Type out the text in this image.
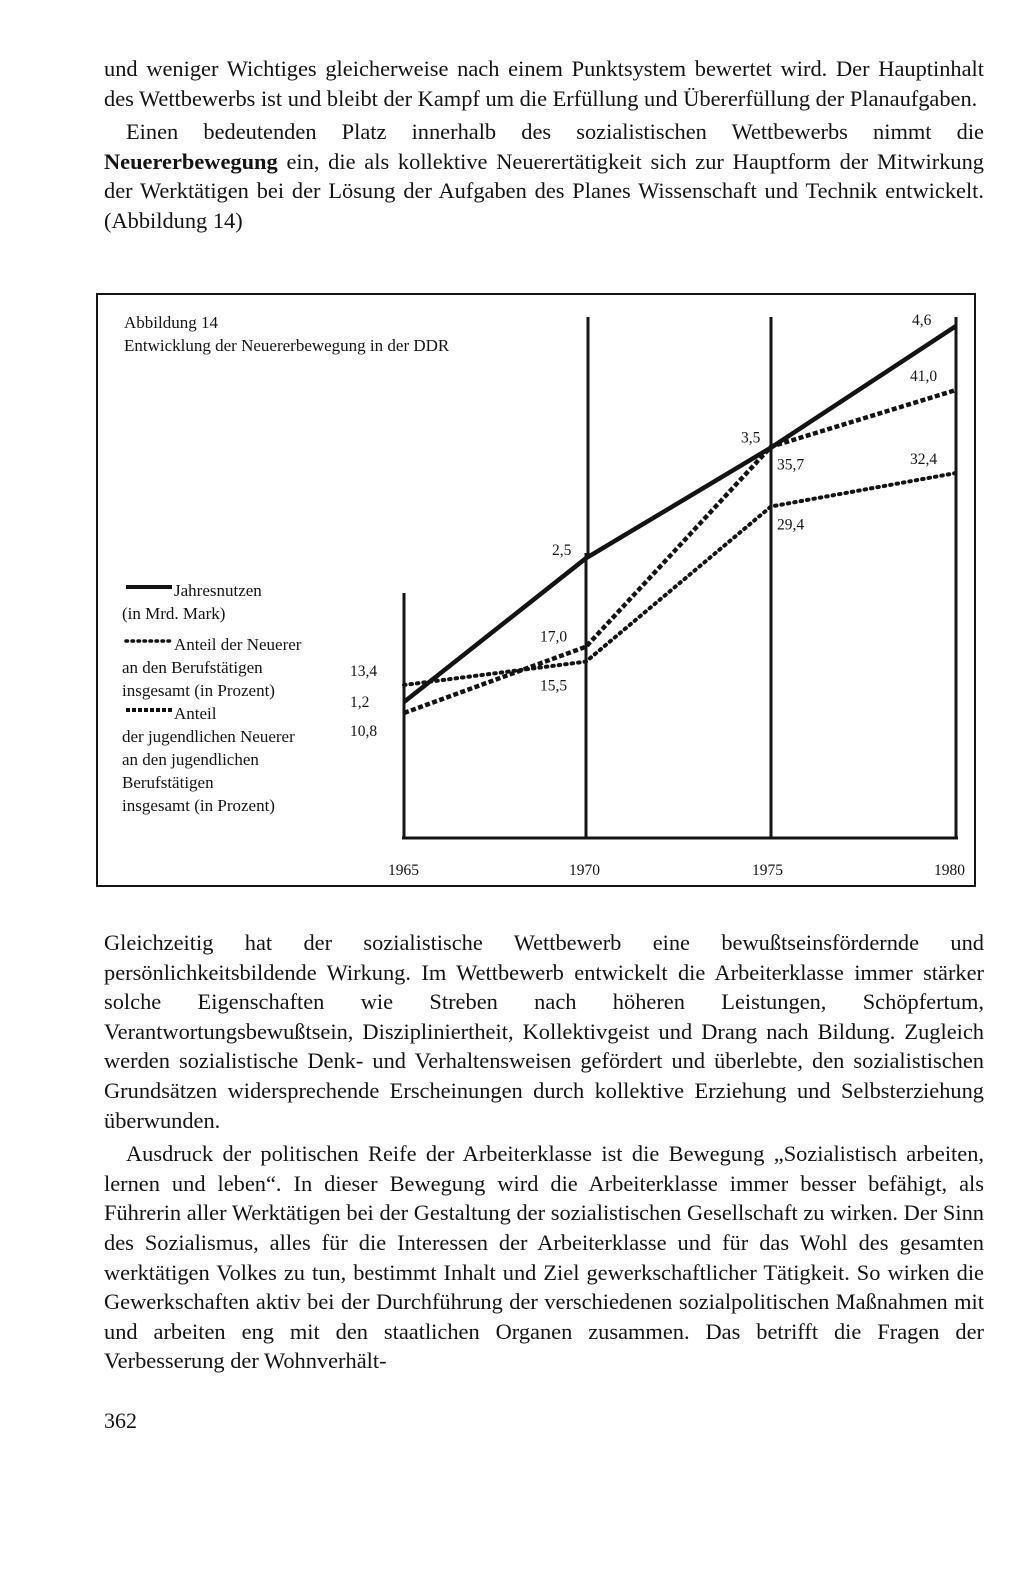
und weniger Wichtiges gleicherweise nach einem Punktsystem bewertet wird. Der Hauptinhalt des Wettbewerbs ist und bleibt der Kampf um die Erfüllung und Übererfüllung der Planaufgaben.

Einen bedeutenden Platz innerhalb des sozialistischen Wettbewerbs nimmt die Neuererbewegung ein, die als kollektive Neuerertätigkeit sich zur Hauptform der Mitwirkung der Werktätigen bei der Lösung der Aufgaben des Planes Wissenschaft und Technik entwickelt. (Abbildung 14)

1965	1970	1975	1980
1,2
2,5
3,5
4,6
13,4
15,5
29,4
32,4
10,8
17,0
35,7
41,0
Abbildung 14
Entwicklung der Neuererbewegung in der DDR
Jahresnutzen
(in Mrd. Mark)
Anteil der Neuerer
an den Berufstätigen
insgesamt (in Prozent)
Anteil
der jugendlichen Neuerer
an den jugendlichen
Berufstätigen
insgesamt (in Prozent)

Gleichzeitig hat der sozialistische Wettbewerb eine bewußtseinsfördernde und persönlichkeitsbildende Wirkung. Im Wettbewerb entwickelt die Arbeiterklasse immer stärker solche Eigenschaften wie Streben nach höheren Leistungen, Schöpfertum, Verantwortungsbewußtsein, Diszipliniertheit, Kollektivgeist und Drang nach Bildung. Zugleich werden sozialistische Denk- und Verhaltensweisen gefördert und überlebte, den sozialistischen Grundsätzen widersprechende Erscheinungen durch kollektive Erziehung und Selbsterziehung überwunden.

Ausdruck der politischen Reife der Arbeiterklasse ist die Bewegung „Sozialistisch arbeiten, lernen und leben“. In dieser Bewegung wird die Arbeiterklasse immer besser befähigt, als Führerin aller Werktätigen bei der Gestaltung der sozialistischen Gesellschaft zu wirken. Der Sinn des Sozialismus, alles für die Interessen der Arbeiterklasse und für das Wohl des gesamten werktätigen Volkes zu tun, bestimmt Inhalt und Ziel gewerkschaftlicher Tätigkeit. So wirken die Gewerkschaften aktiv bei der Durchführung der verschiedenen sozialpolitischen Maßnahmen mit und arbeiten eng mit den staatlichen Organen zusammen. Das betrifft die Fragen der Verbesserung der Wohnverhält-

362
